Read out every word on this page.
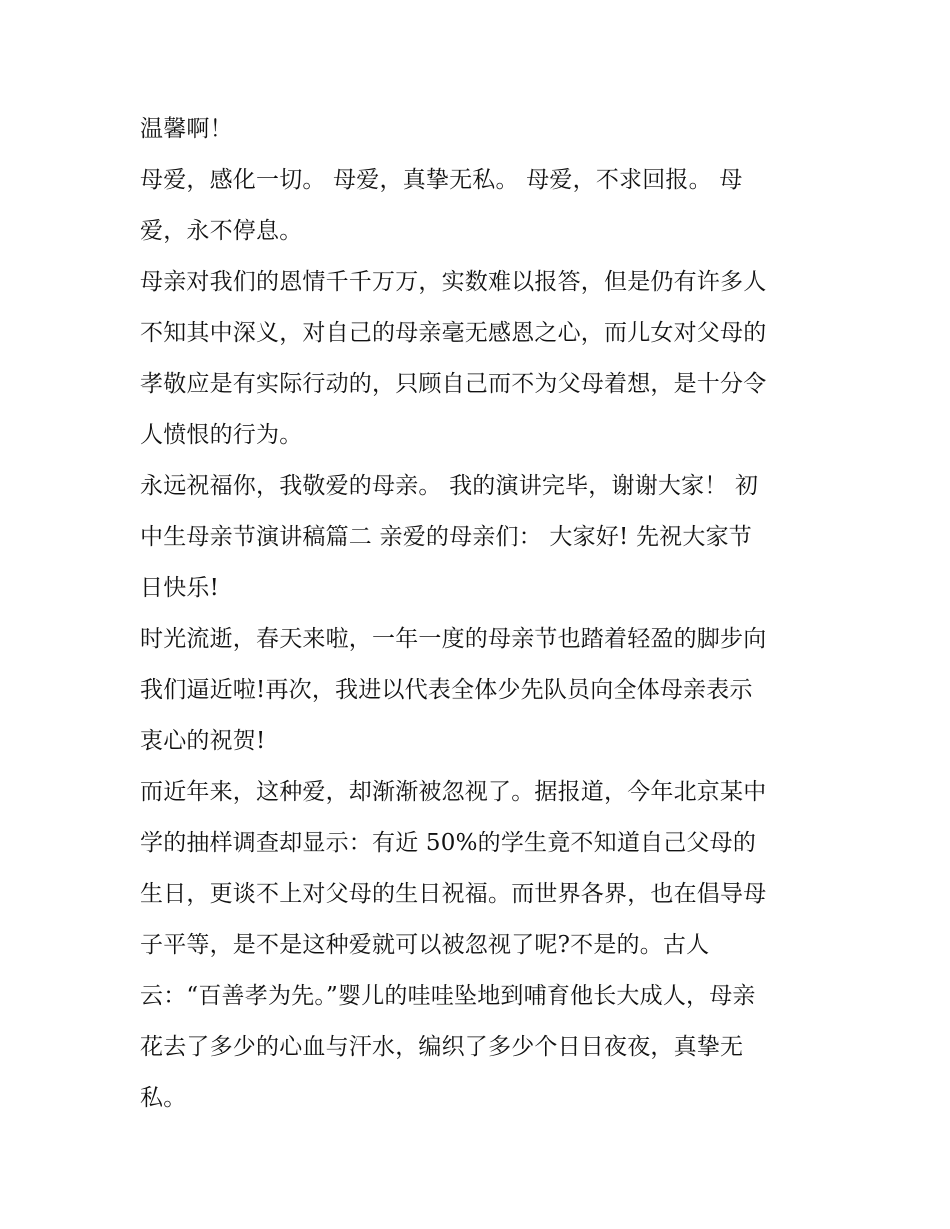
温馨啊！
母爱，感化一切。 母爱，真挚无私。 母爱，不求回报。 母
爱，永不停息。
母亲对我们的恩情千千万万，实数难以报答，但是仍有许多人
不知其中深义，对自己的母亲毫无感恩之心，而儿女对父母的
孝敬应是有实际行动的，只顾自己而不为父母着想，是十分令
人愤恨的行为。
永远祝福你，我敬爱的母亲。 我的演讲完毕，谢谢大家！ 初
中生母亲节演讲稿篇二 亲爱的母亲们： 大家好! 先祝大家节
日快乐!
时光流逝，春天来啦，一年一度的母亲节也踏着轻盈的脚步向
我们逼近啦!再次，我进以代表全体少先队员向全体母亲表示
衷心的祝贺!
而近年来，这种爱，却渐渐被忽视了。据报道，今年北京某中
学的抽样调查却显示：有近 50%的学生竟不知道自己父母的
生日，更谈不上对父母的生日祝福。而世界各界，也在倡导母
子平等，是不是这种爱就可以被忽视了呢?不是的。古人
云：“百善孝为先。”婴儿的哇哇坠地到哺育他长大成人，母亲
花去了多少的心血与汗水，编织了多少个日日夜夜，真挚无
私。
